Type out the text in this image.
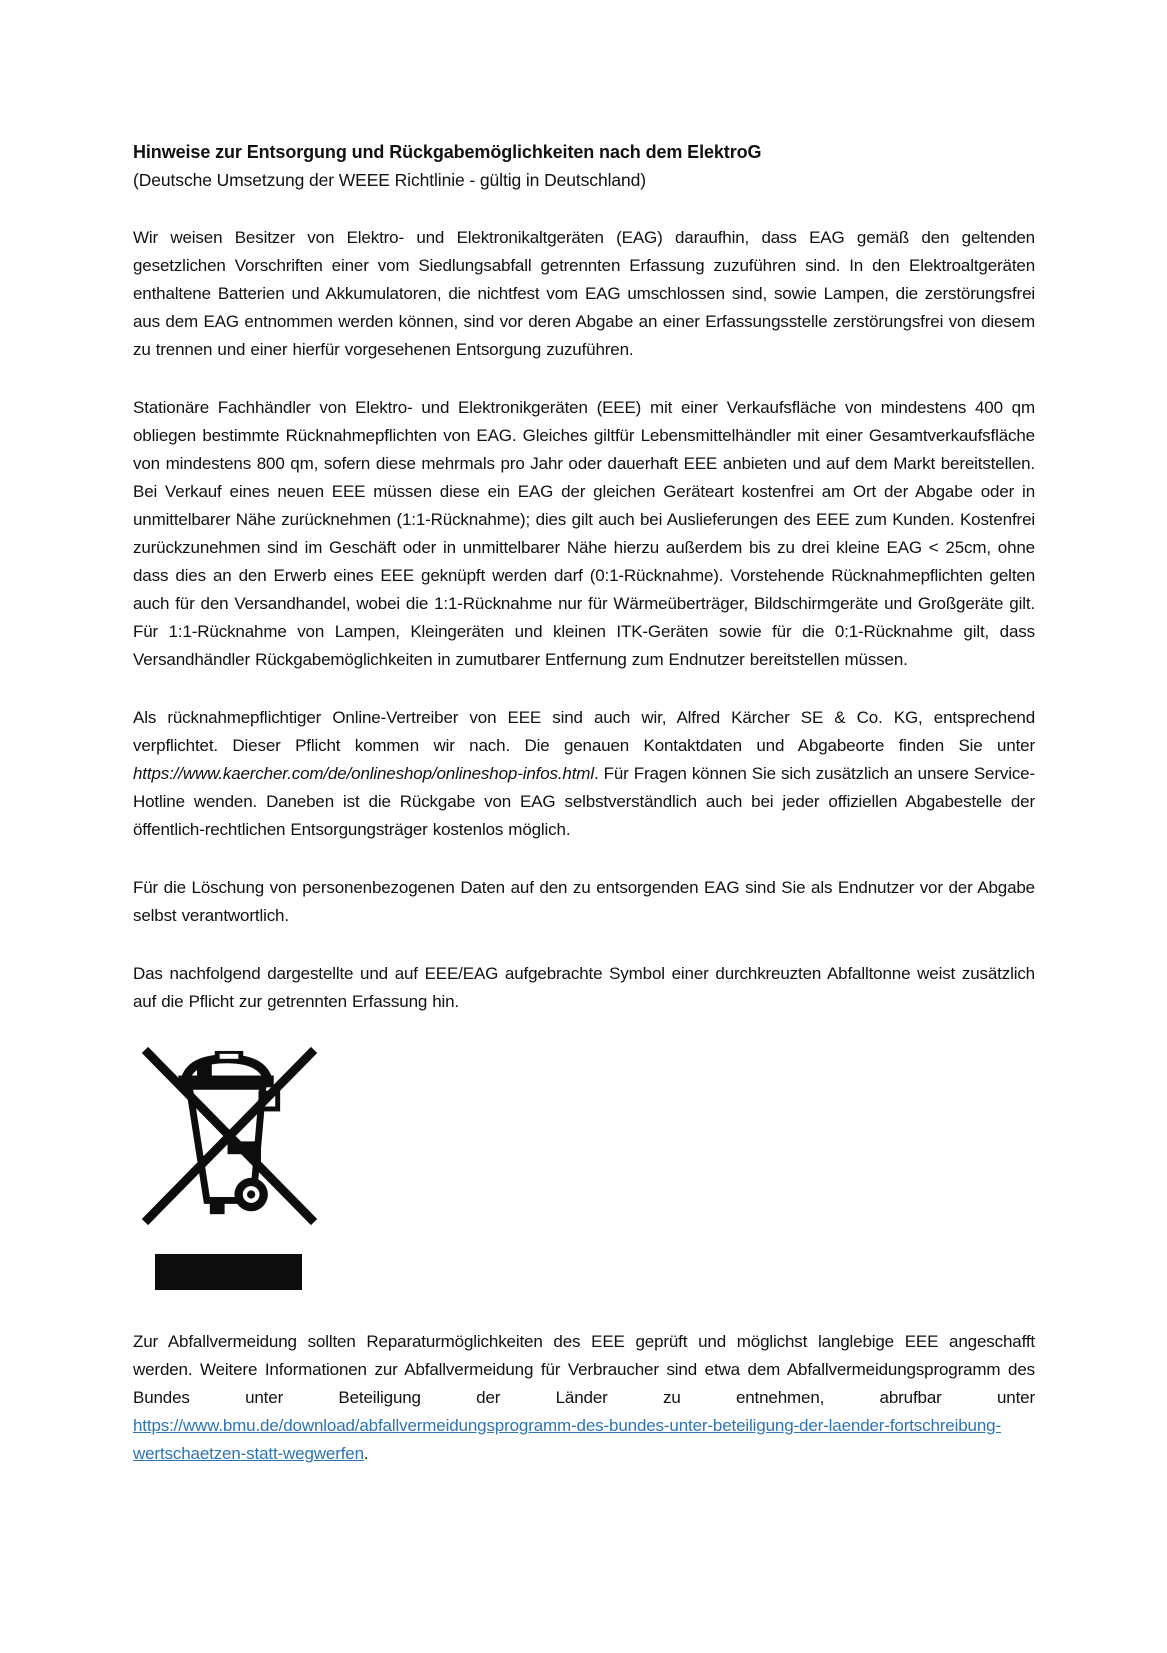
Hinweise zur Entsorgung und Rückgabemöglichkeiten nach dem ElektroG
(Deutsche Umsetzung der WEEE Richtlinie - gültig in Deutschland)

Wir weisen Besitzer von Elektro- und Elektronikaltgeräten (EAG) daraufhin, dass EAG gemäß den geltenden gesetzlichen Vorschriften einer vom Siedlungsabfall getrennten Erfassung zuzuführen sind. In den Elektroaltgeräten enthaltene Batterien und Akkumulatoren, die nichtfest vom EAG umschlossen sind, sowie Lampen, die zerstörungsfrei aus dem EAG entnommen werden können, sind vor deren Abgabe an einer Erfassungsstelle zerstörungsfrei von diesem zu trennen und einer hierfür vorgesehenen Entsorgung zuzuführen.

Stationäre Fachhändler von Elektro- und Elektronikgeräten (EEE) mit einer Verkaufsfläche von mindestens 400 qm obliegen bestimmte Rücknahmepflichten von EAG. Gleiches giltfür Lebensmittelhändler mit einer Gesamtverkaufsfläche von mindestens 800 qm, sofern diese mehrmals pro Jahr oder dauerhaft EEE anbieten und auf dem Markt bereitstellen. Bei Verkauf eines neuen EEE müssen diese ein EAG der gleichen Geräteart kostenfrei am Ort der Abgabe oder in unmittelbarer Nähe zurücknehmen (1:1-Rücknahme); dies gilt auch bei Auslieferungen des EEE zum Kunden. Kostenfrei zurückzunehmen sind im Geschäft oder in unmittelbarer Nähe hierzu außerdem bis zu drei kleine EAG < 25cm, ohne dass dies an den Erwerb eines EEE geknüpft werden darf (0:1-Rücknahme). Vorstehende Rücknahmepflichten gelten auch für den Versandhandel, wobei die 1:1-Rücknahme nur für Wärmeüberträger, Bildschirmgeräte und Großgeräte gilt. Für 1:1-Rücknahme von Lampen, Kleingeräten und kleinen ITK-Geräten sowie für die 0:1-Rücknahme gilt, dass Versandhändler Rückgabemöglichkeiten in zumutbarer Entfernung zum Endnutzer bereitstellen müssen.

Als rücknahmepflichtiger Online-Vertreiber von EEE sind auch wir, Alfred Kärcher SE & Co. KG, entsprechend verpflichtet. Dieser Pflicht kommen wir nach. Die genauen Kontaktdaten und Abgabeorte finden Sie unter https://www.kaercher.com/de/onlineshop/onlineshop-infos.html. Für Fragen können Sie sich zusätzlich an unsere Service-Hotline wenden. Daneben ist die Rückgabe von EAG selbstverständlich auch bei jeder offiziellen Abgabestelle der öffentlich-rechtlichen Entsorgungsträger kostenlos möglich.

Für die Löschung von personenbezogenen Daten auf den zu entsorgenden EAG sind Sie als Endnutzer vor der Abgabe selbst verantwortlich.

Das nachfolgend dargestellte und auf EEE/EAG aufgebrachte Symbol einer durchkreuzten Abfalltonne weist zusätzlich auf die Pflicht zur getrennten Erfassung hin.

Zur Abfallvermeidung sollten Reparaturmöglichkeiten des EEE geprüft und möglichst langlebige EEE angeschafft werden. Weitere Informationen zur Abfallvermeidung für Verbraucher sind etwa dem Abfallvermeidungsprogramm des Bundes unter Beteiligung der Länder zu entnehmen, abrufbar unter https://www.bmu.de/download/abfallvermeidungsprogramm-des-bundes-unter-beteiligung-der-laender-fortschreibung-wertschaetzen-statt-wegwerfen.
